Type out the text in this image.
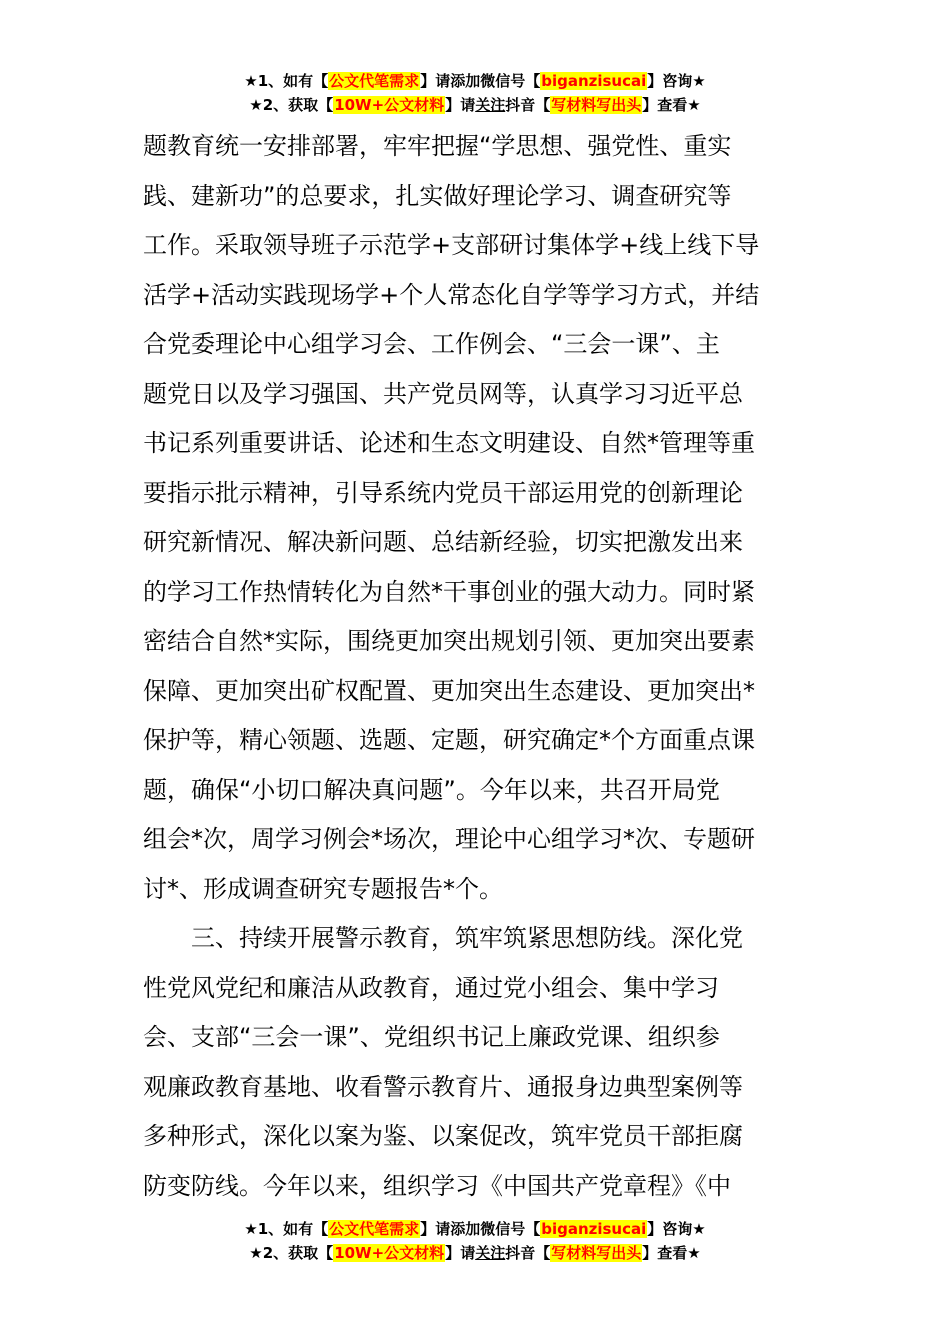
★1、如有【公文代笔需求】请添加微信号【biganzisucai】咨询★
★2、获取【10W+公文材料】请关注抖音【写材料写出头】查看★
题教育统一安排部署，牢牢把握“学思想、强党性、重实
践、建新功”的总要求，扎实做好理论学习、调查研究等
工作。采取领导班子示范学+支部研讨集体学+线上线下导
活学+活动实践现场学+个人常态化自学等学习方式，并结
合党委理论中心组学习会、工作例会、“三会一课”、主
题党日以及学习强国、共产党员网等，认真学习习近平总
书记系列重要讲话、论述和生态文明建设、自然*管理等重
要指示批示精神，引导系统内党员干部运用党的创新理论
研究新情况、解决新问题、总结新经验，切实把激发出来
的学习工作热情转化为自然*干事创业的强大动力。同时紧
密结合自然*实际，围绕更加突出规划引领、更加突出要素
保障、更加突出矿权配置、更加突出生态建设、更加突出*
保护等，精心领题、选题、定题，研究确定*个方面重点课
题，确保“小切口解决真问题”。今年以来，共召开局党
组会*次，周学习例会*场次，理论中心组学习*次、专题研
讨*、形成调查研究专题报告*个。
三、持续开展警示教育，筑牢筑紧思想防线。深化党
性党风党纪和廉洁从政教育，通过党小组会、集中学习
会、支部“三会一课”、党组织书记上廉政党课、组织参
观廉政教育基地、收看警示教育片、通报身边典型案例等
多种形式，深化以案为鉴、以案促改，筑牢党员干部拒腐
防变防线。今年以来，组织学习《中国共产党章程》《中
★1、如有【公文代笔需求】请添加微信号【biganzisucai】咨询★
★2、获取【10W+公文材料】请关注抖音【写材料写出头】查看★
